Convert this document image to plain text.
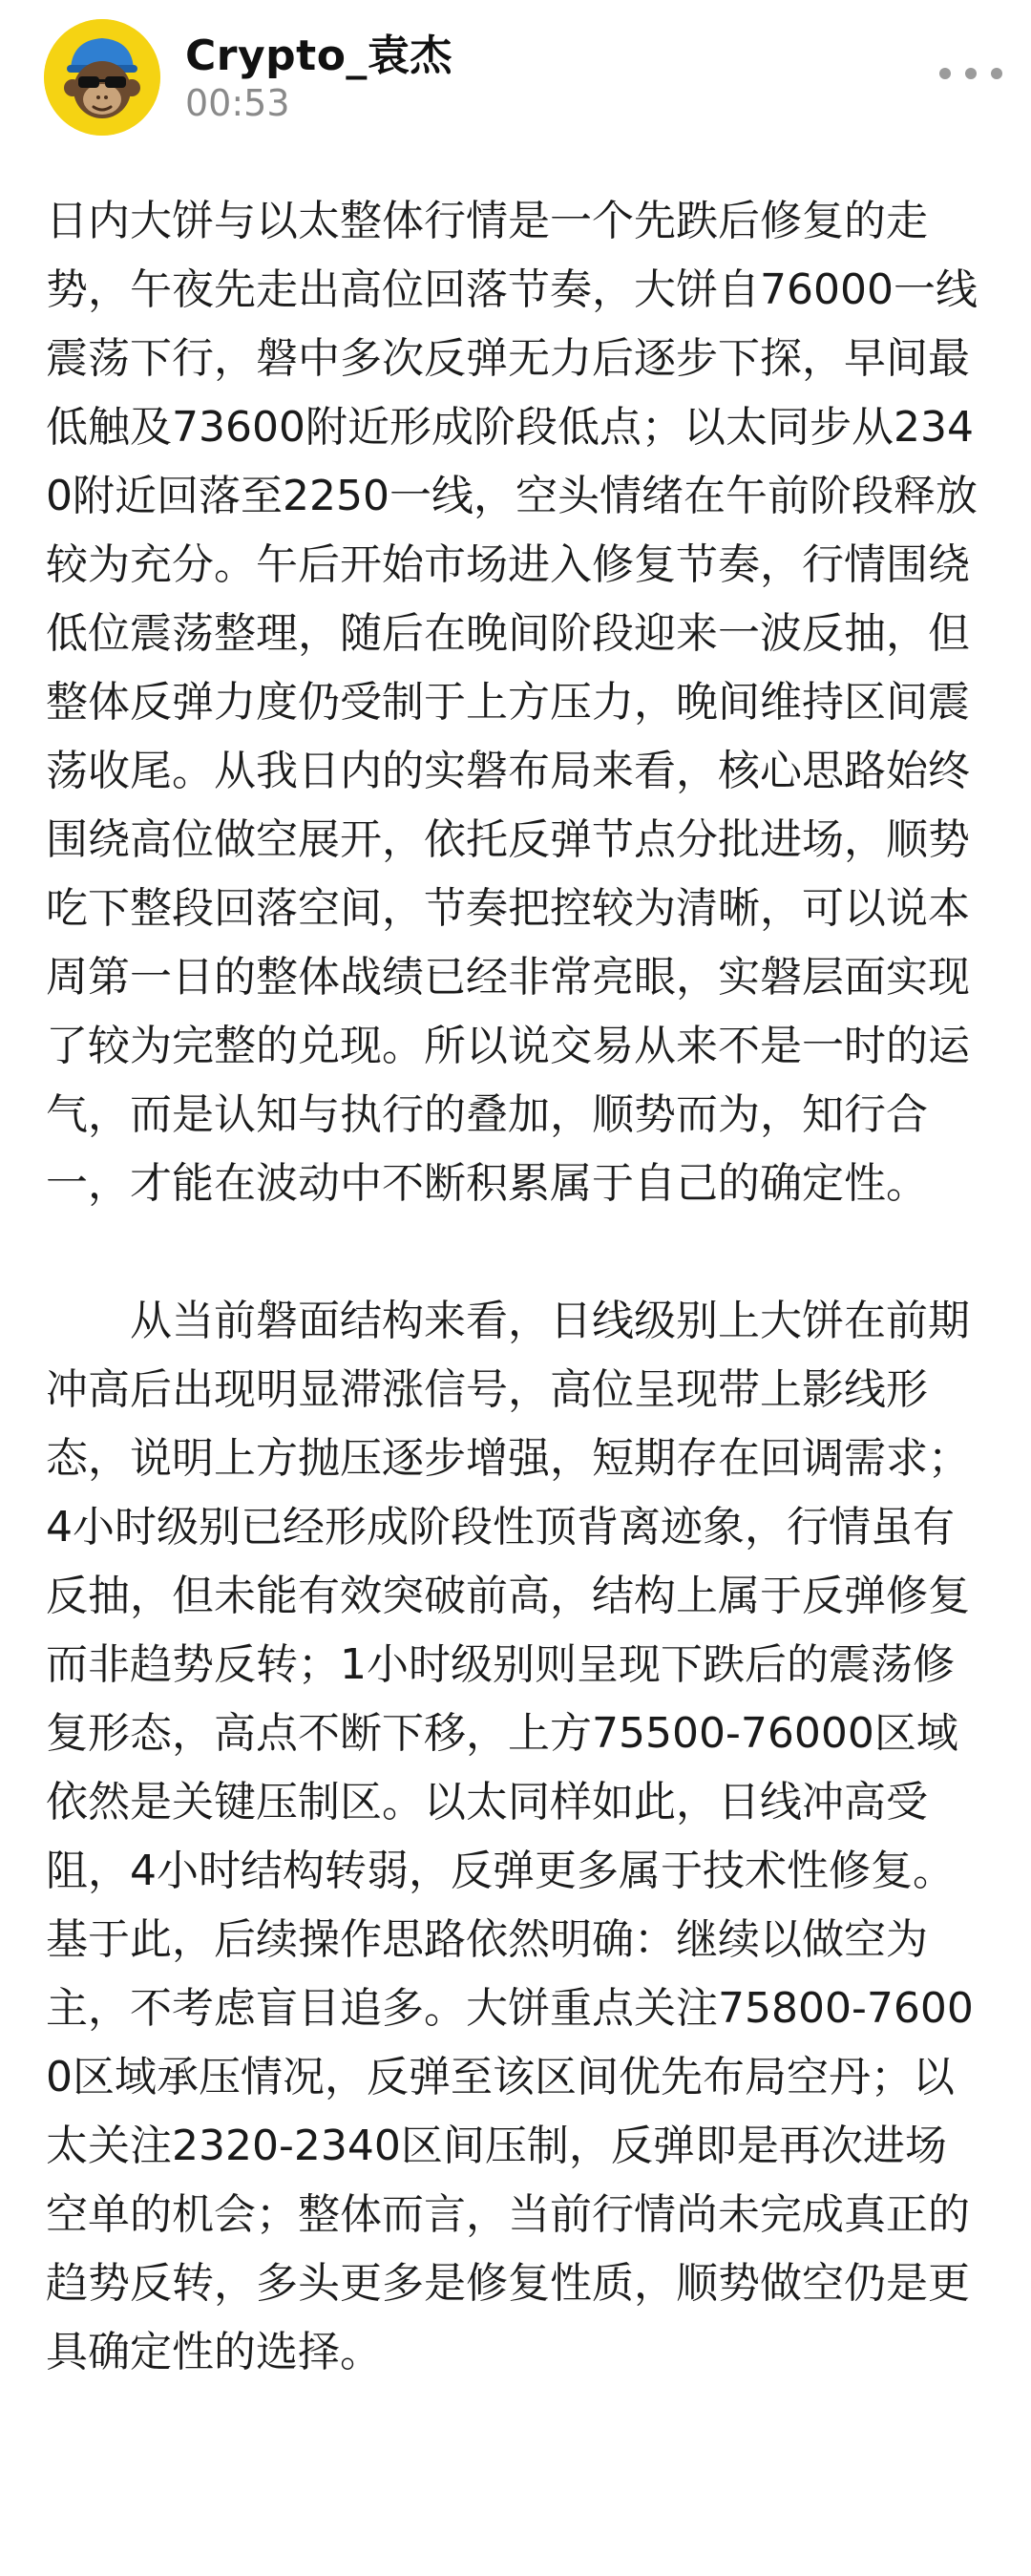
Crypto_袁杰
00:53

日内大饼与以太整体行情是一个先跌后修复的走势，午夜先走出高位回落节奏，大饼自76000一线震荡下行，磐中多次反弹无力后逐步下探，早间最低触及73600附近形成阶段低点；以太同步从2340附近回落至2250一线，空头情绪在午前阶段释放较为充分。午后开始市场进入修复节奏，行情围绕低位震荡整理，随后在晚间阶段迎来一波反抽，但整体反弹力度仍受制于上方压力，晚间维持区间震荡收尾。从我日内的实磐布局来看，核心思路始终围绕高位做空展开，依托反弹节点分批进场，顺势吃下整段回落空间，节奏把控较为清晰，可以说本周第一日的整体战绩已经非常亮眼，实磐层面实现了较为完整的兑现。所以说交易从来不是一时的运气，而是认知与执行的叠加，顺势而为，知行合一，才能在波动中不断积累属于自己的确定性。

从当前磐面结构来看，日线级别上大饼在前期冲高后出现明显滞涨信号，高位呈现带上影线形态，说明上方抛压逐步增强，短期存在回调需求；4小时级别已经形成阶段性顶背离迹象，行情虽有反抽，但未能有效突破前高，结构上属于反弹修复而非趋势反转；1小时级别则呈现下跌后的震荡修复形态，高点不断下移，上方75500-76000区域依然是关键压制区。以太同样如此，日线冲高受阻，4小时结构转弱，反弹更多属于技术性修复。基于此，后续操作思路依然明确：继续以做空为主，不考虑盲目追多。大饼重点关注75800-76000区域承压情况，反弹至该区间优先布局空丹；以太关注2320-2340区间压制，反弹即是再次进场空单的机会；整体而言，当前行情尚未完成真正的趋势反转，多头更多是修复性质，顺势做空仍是更具确定性的选择。
